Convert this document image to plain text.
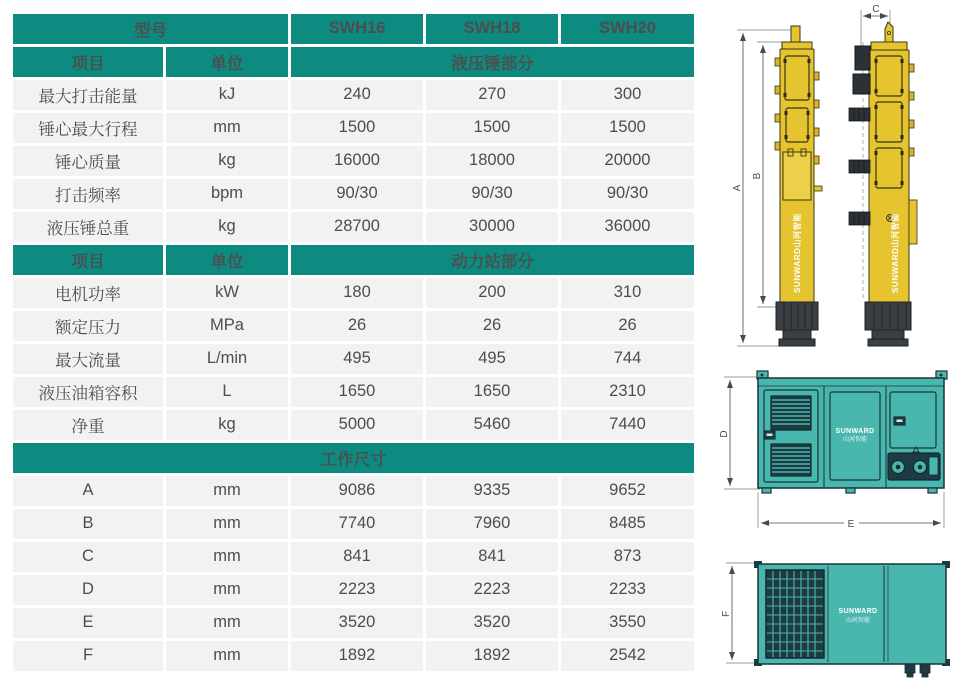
型号		SWH16	SWH18	SWH20
项目	单位	液压锤部分		
最大打击能量	kJ	240	270	300
锤心最大行程	mm	1500	1500	1500
锤心质量	kg	16000	18000	20000
打击频率	bpm	90/30	90/30	90/30
液压锤总重	kg	28700	30000	36000
项目	单位	动力站部分		
电机功率	kW	180	200	310
额定压力	MPa	26	26	26
最大流量	L/min	495	495	744
液压油箱容积	L	1650	1650	2310
净重	kg	5000	5460	7440
工作尺寸				
A	mm	9086	9335	9652
B	mm	7740	7960	8485
C	mm	841	841	873
D	mm	2223	2223	2233
E	mm	3520	3520	3550
F	mm	1892	1892	2542
A
B
SUNWARD山河智能
C
SUNWARD山河智能
D
E
SUNWARD
山河智能
F	SUNWARD
山河智能
